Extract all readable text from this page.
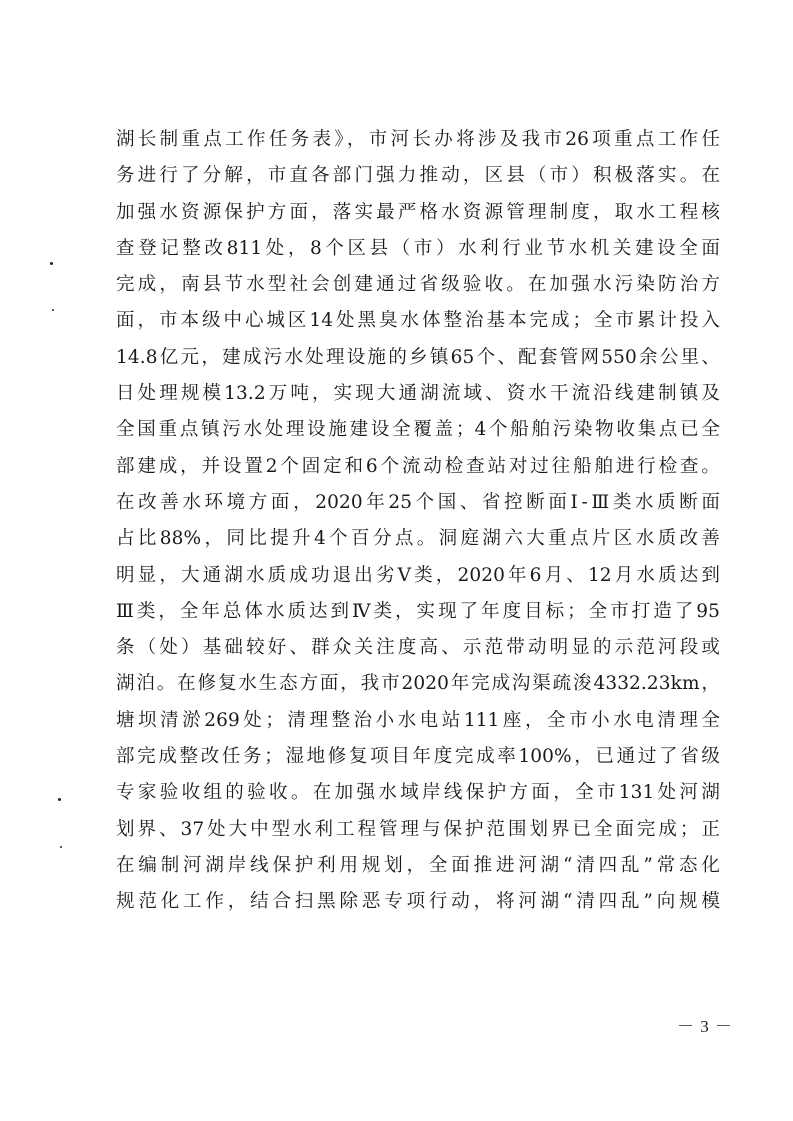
湖长制重点工作任务表》，市河长办将涉及我市26项重点工作任
务进行了分解，市直各部门强力推动，区县（市）积极落实。在
加强水资源保护方面，落实最严格水资源管理制度，取水工程核
查登记整改811处，8个区县（市）水利行业节水机关建设全面
完成，南县节水型社会创建通过省级验收。在加强水污染防治方
面，市本级中心城区14处黑臭水体整治基本完成；全市累计投入
14.8亿元，建成污水处理设施的乡镇65个、配套管网550余公里、
日处理规模13.2万吨，实现大通湖流域、资水干流沿线建制镇及
全国重点镇污水处理设施建设全覆盖；4个船舶污染物收集点已全
部建成，并设置2个固定和6个流动检查站对过往船舶进行检查。
在改善水环境方面，2020年25个国、省控断面Ⅰ-Ⅲ类水质断面
占比88%，同比提升4个百分点。洞庭湖六大重点片区水质改善
明显，大通湖水质成功退出劣Ⅴ类，2020年6月、12月水质达到
Ⅲ类，全年总体水质达到Ⅳ类，实现了年度目标；全市打造了95
条（处）基础较好、群众关注度高、示范带动明显的示范河段或
湖泊。在修复水生态方面，我市2020年完成沟渠疏浚4332.23km，
塘坝清淤269处；清理整治小水电站111座，全市小水电清理全
部完成整改任务；湿地修复项目年度完成率100%，已通过了省级
专家验收组的验收。在加强水域岸线保护方面，全市131处河湖
划界、37处大中型水利工程管理与保护范围划界已全面完成；正
在编制河湖岸线保护利用规划，全面推进河湖“清四乱”常态化
规范化工作，结合扫黑除恶专项行动，将河湖“清四乱”向规模
－ 3 －
